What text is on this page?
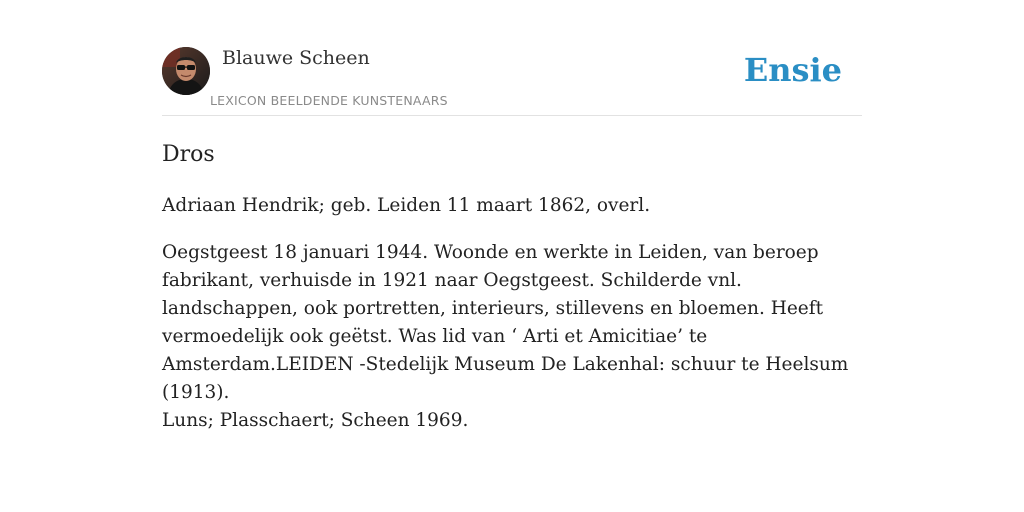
Blauwe Scheen
LEXICON BEELDENDE KUNSTENAARS
Ensie
Dros

Adriaan Hendrik; geb. Leiden 11 maart 1862, overl.

Oegstgeest 18 januari 1944. Woonde en werkte in Leiden, van beroep fabrikant, verhuisde in 1921 naar Oegstgeest. Schilderde vnl. landschappen, ook portretten, interieurs, stillevens en bloemen. Heeft vermoedelijk ook geëtst. Was lid van ‘ Arti et Amicitiae’ te Amsterdam.LEIDEN -Stedelijk Museum De Lakenhal: schuur te Heelsum (1913).

Luns; Plasschaert; Scheen 1969.
